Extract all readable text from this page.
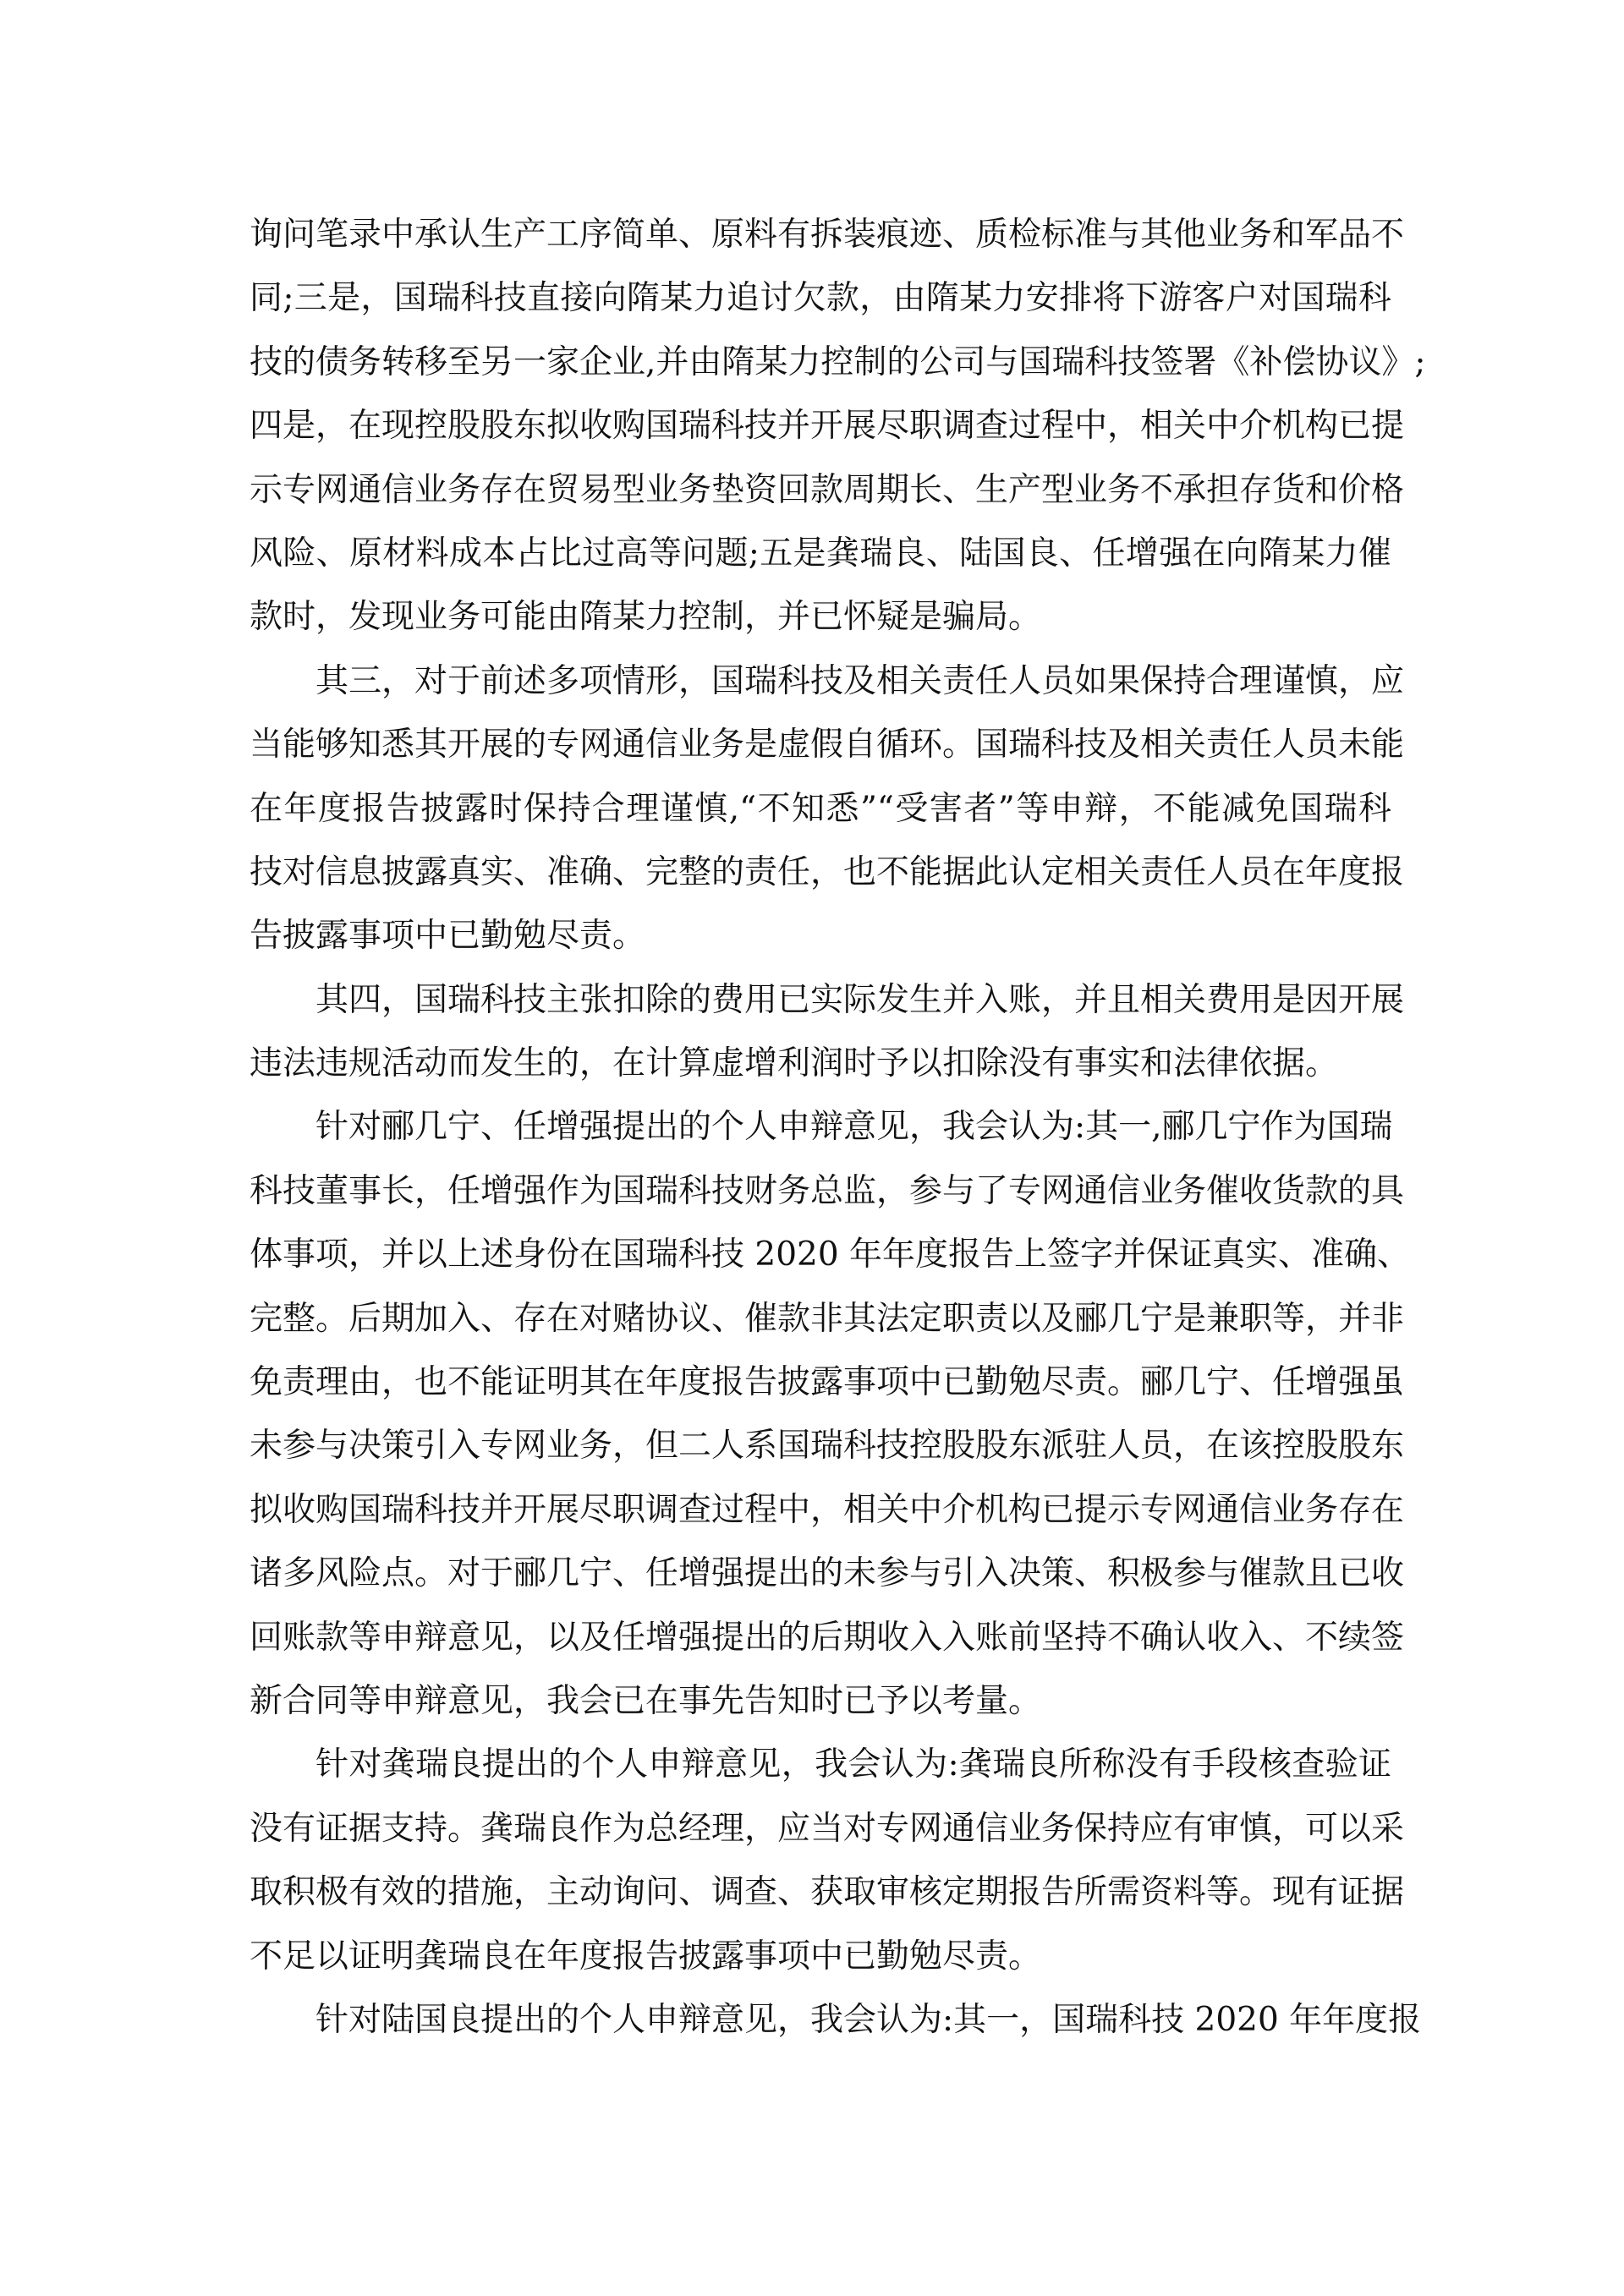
询问笔录中承认生产工序简单、原料有拆装痕迹、质检标准与其他业务和军品不
同;三是，国瑞科技直接向隋某力追讨欠款，由隋某力安排将下游客户对国瑞科
技的债务转移至另一家企业,并由隋某力控制的公司与国瑞科技签署《补偿协议》;
四是，在现控股股东拟收购国瑞科技并开展尽职调查过程中，相关中介机构已提
示专网通信业务存在贸易型业务垫资回款周期长、生产型业务不承担存货和价格
风险、原材料成本占比过高等问题;五是龚瑞良、陆国良、任增强在向隋某力催
款时，发现业务可能由隋某力控制，并已怀疑是骗局。
其三，对于前述多项情形，国瑞科技及相关责任人员如果保持合理谨慎，应
当能够知悉其开展的专网通信业务是虚假自循环。国瑞科技及相关责任人员未能
在年度报告披露时保持合理谨慎,“不知悉”“受害者”等申辩，不能减免国瑞科
技对信息披露真实、准确、完整的责任，也不能据此认定相关责任人员在年度报
告披露事项中已勤勉尽责。
其四，国瑞科技主张扣除的费用已实际发生并入账，并且相关费用是因开展
违法违规活动而发生的，在计算虚增利润时予以扣除没有事实和法律依据。
针对郦几宁、任增强提出的个人申辩意见，我会认为:其一,郦几宁作为国瑞
科技董事长，任增强作为国瑞科技财务总监，参与了专网通信业务催收货款的具
体事项，并以上述身份在国瑞科技 2020 年年度报告上签字并保证真实、准确、
完整。后期加入、存在对赌协议、催款非其法定职责以及郦几宁是兼职等，并非
免责理由，也不能证明其在年度报告披露事项中已勤勉尽责。郦几宁、任增强虽
未参与决策引入专网业务，但二人系国瑞科技控股股东派驻人员，在该控股股东
拟收购国瑞科技并开展尽职调查过程中，相关中介机构已提示专网通信业务存在
诸多风险点。对于郦几宁、任增强提出的未参与引入决策、积极参与催款且已收
回账款等申辩意见，以及任增强提出的后期收入入账前坚持不确认收入、不续签
新合同等申辩意见，我会已在事先告知时已予以考量。
针对龚瑞良提出的个人申辩意见，我会认为:龚瑞良所称没有手段核查验证
没有证据支持。龚瑞良作为总经理，应当对专网通信业务保持应有审慎，可以采
取积极有效的措施，主动询问、调查、获取审核定期报告所需资料等。现有证据
不足以证明龚瑞良在年度报告披露事项中已勤勉尽责。
针对陆国良提出的个人申辩意见，我会认为:其一，国瑞科技 2020 年年度报
